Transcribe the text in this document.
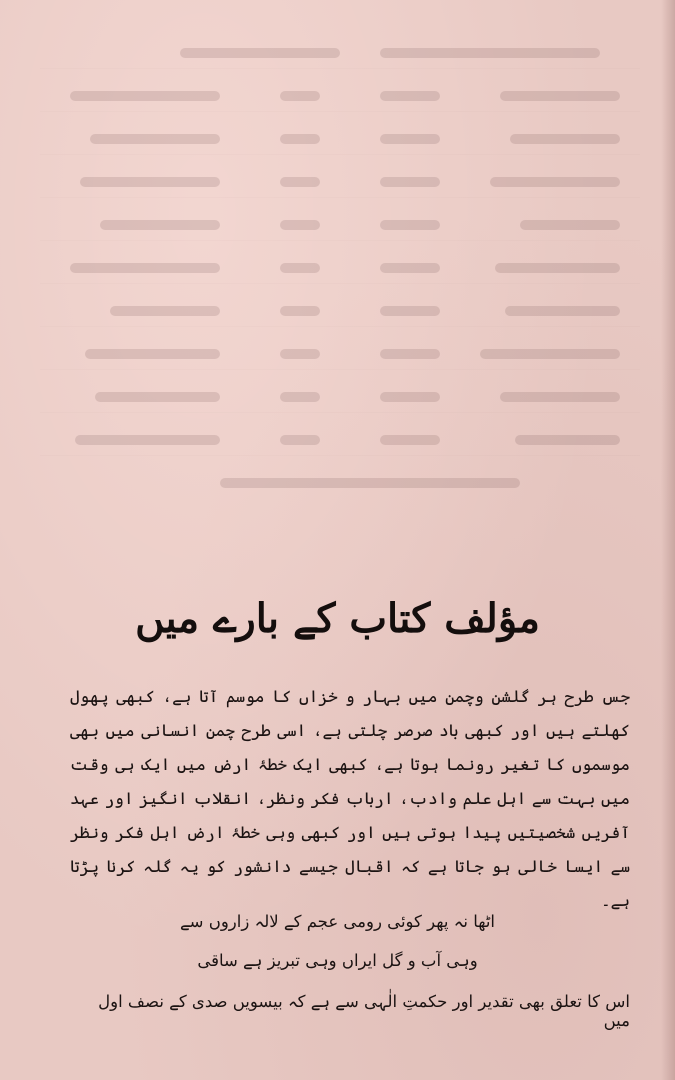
مؤلف کتاب کے بارے میں

جس طرح ہر گلشن وچمن میں بہار و خزاں کا موسم آتا ہے، کبھی پھول کھلتے ہیں اور کبھی باد صرصر چلتی ہے، اسی طرح چمن انسانی میں بھی موسموں کا تغیر رونما ہوتا ہے، کبھی ایک خطۂ ارض میں ایک ہی وقت میں بہت سے اہل علم وادب، ارباب فکر ونظر، انقلاب انگیز اور عہد آفریں شخصیتیں پیدا ہوتی ہیں اور کبھی وہی خطۂ ارض اہل فکر ونظر سے ایسا خالی ہو جاتا ہے کہ اقبال جیسے دانشور کو یہ گلہ کرنا پڑتا ہے۔

اٹھا نہ پھر کوئی رومی عجم کے لالہ زاروں سے

وہی آب و گل ایراں وہی تبریز ہے ساقی

اس کا تعلق بھی تقدیر اور حکمتِ الٰہی سے ہے کہ بیسویں صدی کے نصف اول میں
